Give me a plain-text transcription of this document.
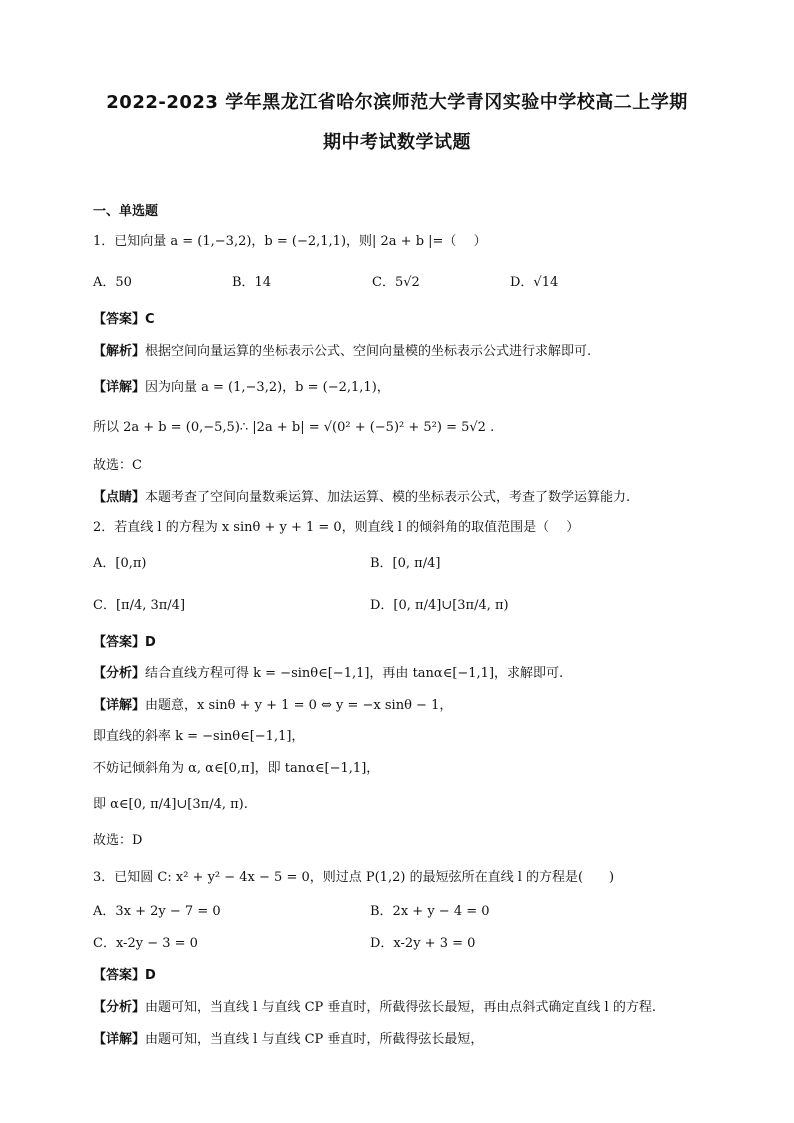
2022-2023 学年黑龙江省哈尔滨师范大学青冈实验中学校高二上学期
期中考试数学试题
一、单选题
1．已知向量 a = (1,−3,2)，b = (−2,1,1)，则| 2a + b |=（　 ）
A．50	B．14	C．5√2	D．√14
【答案】C
【解析】根据空间向量运算的坐标表示公式、空间向量模的坐标表示公式进行求解即可.
【详解】因为向量 a = (1,−3,2)，b = (−2,1,1)，
所以 2a + b = (0,−5,5)∴ |2a + b| = √(0² + (−5)² + 5²) = 5√2 .
故选：C
【点睛】本题考查了空间向量数乘运算、加法运算、模的坐标表示公式，考查了数学运算能力.
2．若直线 l 的方程为 x sinθ + y + 1 = 0，则直线 l 的倾斜角的取值范围是（　 ）
A．[0,π)	B．[0, π/4]
C．[π/4, 3π/4]	D．[0, π/4]∪[3π/4, π)
【答案】D
【分析】结合直线方程可得 k = −sinθ∈[−1,1]，再由 tanα∈[−1,1]，求解即可.
【详解】由题意，x sinθ + y + 1 = 0 ⇔ y = −x sinθ − 1，
即直线的斜率 k = −sinθ∈[−1,1]，
不妨记倾斜角为 α, α∈[0,π]，即 tanα∈[−1,1]，
即 α∈[0, π/4]∪[3π/4, π).
故选：D
3．已知圆 C: x² + y² − 4x − 5 = 0，则过点 P(1,2) 的最短弦所在直线 l 的方程是(　　)
A．3x + 2y − 7 = 0	B．2x + y − 4 = 0
C．x-2y − 3 = 0	D．x-2y + 3 = 0
【答案】D
【分析】由题可知，当直线 l 与直线 CP 垂直时，所截得弦长最短，再由点斜式确定直线 l 的方程.
【详解】由题可知，当直线 l 与直线 CP 垂直时，所截得弦长最短，
